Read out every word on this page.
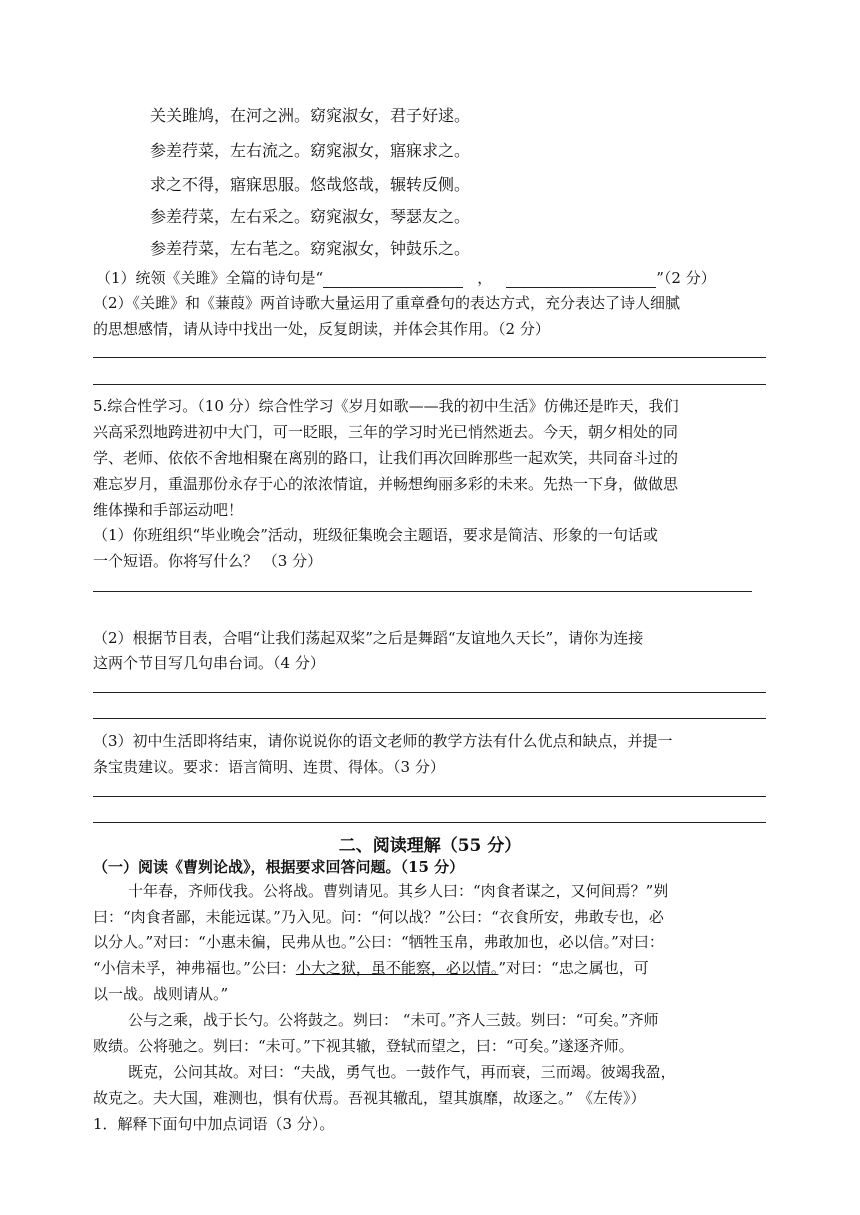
关关雎鸠，在河之洲。窈窕淑女，君子好逑。
参差荇菜，左右流之。窈窕淑女，寤寐求之。
求之不得，寤寐思服。悠哉悠哉，辗转反侧。
参差荇菜，左右采之。窈窕淑女，琴瑟友之。
参差荇菜，左右芼之。窈窕淑女，钟鼓乐之。
（1）统领《关雎》全篇的诗句是“	，	”（2 分）
（2）《关雎》和《蒹葭》两首诗歌大量运用了重章叠句的表达方式，充分表达了诗人细腻
的思想感情，请从诗中找出一处，反复朗读，并体会其作用。（2 分）
5.综合性学习。（10 分）综合性学习《岁月如歌——我的初中生活》仿佛还是昨天，我们
兴高采烈地跨进初中大门，可一眨眼，三年的学习时光已悄然逝去。今天，朝夕相处的同
学、老师、依依不舍地相聚在离别的路口，让我们再次回眸那些一起欢笑，共同奋斗过的
难忘岁月，重温那份永存于心的浓浓情谊，并畅想绚丽多彩的未来。先热一下身，做做思
维体操和手部运动吧！
（1）你班组织“毕业晚会”活动，班级征集晚会主题语，要求是简洁、形象的一句话或
一个短语。你将写什么？ （3 分）
（2）根据节目表，合唱“让我们荡起双桨”之后是舞蹈“友谊地久天长”，请你为连接
这两个节目写几句串台词。（4 分）
（3）初中生活即将结束，请你说说你的语文老师的教学方法有什么优点和缺点，并提一
条宝贵建议。要求：语言简明、连贯、得体。（3 分）
二、阅读理解（55 分）
（一）阅读《曹刿论战》，根据要求回答问题。（15 分）
十年春，齐师伐我。公将战。曹刿请见。其乡人曰：“肉食者谋之，又何间焉？”刿
曰：“肉食者鄙，未能远谋。”乃入见。问：“何以战？”公曰：“衣食所安，弗敢专也，必
以分人。”对曰：“小惠未徧，民弗从也。”公曰：“牺牲玉帛，弗敢加也，必以信。”对曰：
“小信未孚，神弗福也。”公曰：小大之狱，虽不能察，必以情。”对曰：“忠之属也，可
以一战。战则请从。”
公与之乘，战于长勺。公将鼓之。刿曰： “未可。”齐人三鼓。刿曰：“可矣。”齐师
败绩。公将驰之。刿曰：“未可。”下视其辙，登轼而望之，曰：“可矣。”遂逐齐师。
既克，公问其故。对曰：“夫战，勇气也。一鼓作气，再而衰，三而竭。彼竭我盈，
故克之。夫大国，难测也，惧有伏焉。吾视其辙乱，望其旗靡，故逐之。” 《左传》）
1．解释下面句中加点词语（3 分）。
